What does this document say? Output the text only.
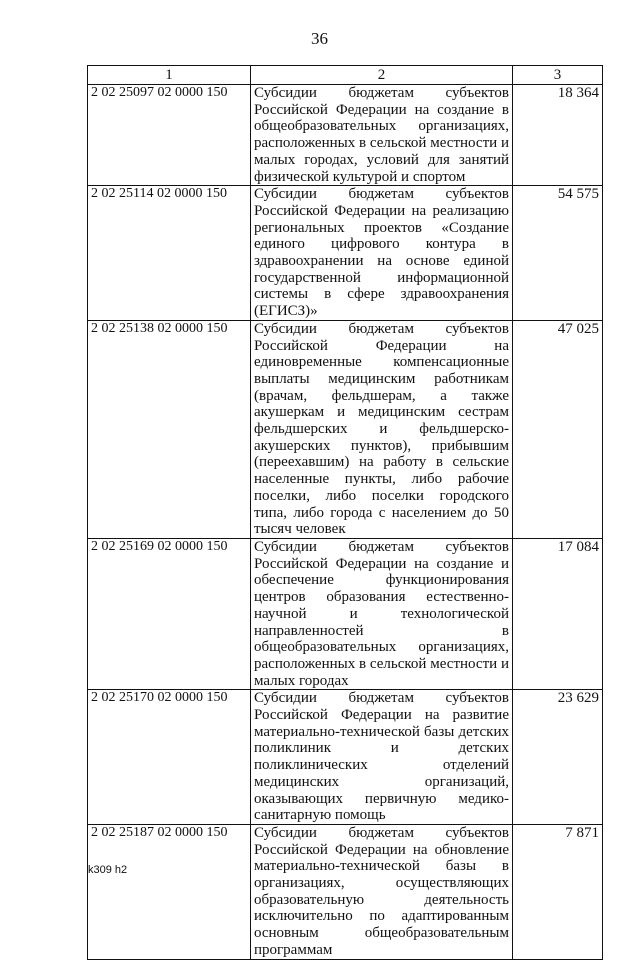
36
1	2	3
2 02 25097 02 0000 150	Субсидии бюджетам субъектов Российской Федерации на создание в общеобразовательных организациях, расположенных в сельской местности и малых городах, условий для занятий физической культурой и спортом	18 364
2 02 25114 02 0000 150	Субсидии бюджетам субъектов Российской Федерации на реализацию региональных проектов «Создание единого цифрового контура в здравоохранении на основе единой государственной информационной системы в сфере здравоохранения (ЕГИСЗ)»	54 575
2 02 25138 02 0000 150	Субсидии бюджетам субъектов Российской Федерации на единовременные компенсационные выплаты медицинским работникам (врачам, фельдшерам, а также акушеркам и медицинским сестрам фельдшерских и фельдшерско-акушерских пунктов), прибывшим (переехавшим) на работу в сельские населенные пункты, либо рабочие поселки, либо поселки городского типа, либо города с населением до 50 тысяч человек	47 025
2 02 25169 02 0000 150	Субсидии бюджетам субъектов Российской Федерации на создание и обеспечение функционирования центров образования естественно-научной и технологической направленностей в общеобразовательных организациях, расположенных в сельской местности и малых городах	17 084
2 02 25170 02 0000 150	Субсидии бюджетам субъектов Российской Федерации на развитие материально-технической базы детских поликлиник и детских поликлинических отделений медицинских организаций, оказывающих первичную медико-санитарную помощь	23 629
2 02 25187 02 0000 150	Субсидии бюджетам субъектов Российской Федерации на обновление материально-технической базы в организациях, осуществляющих образовательную деятельность исключительно по адаптированным основным общеобразовательным программам	7 871
k309 h2
